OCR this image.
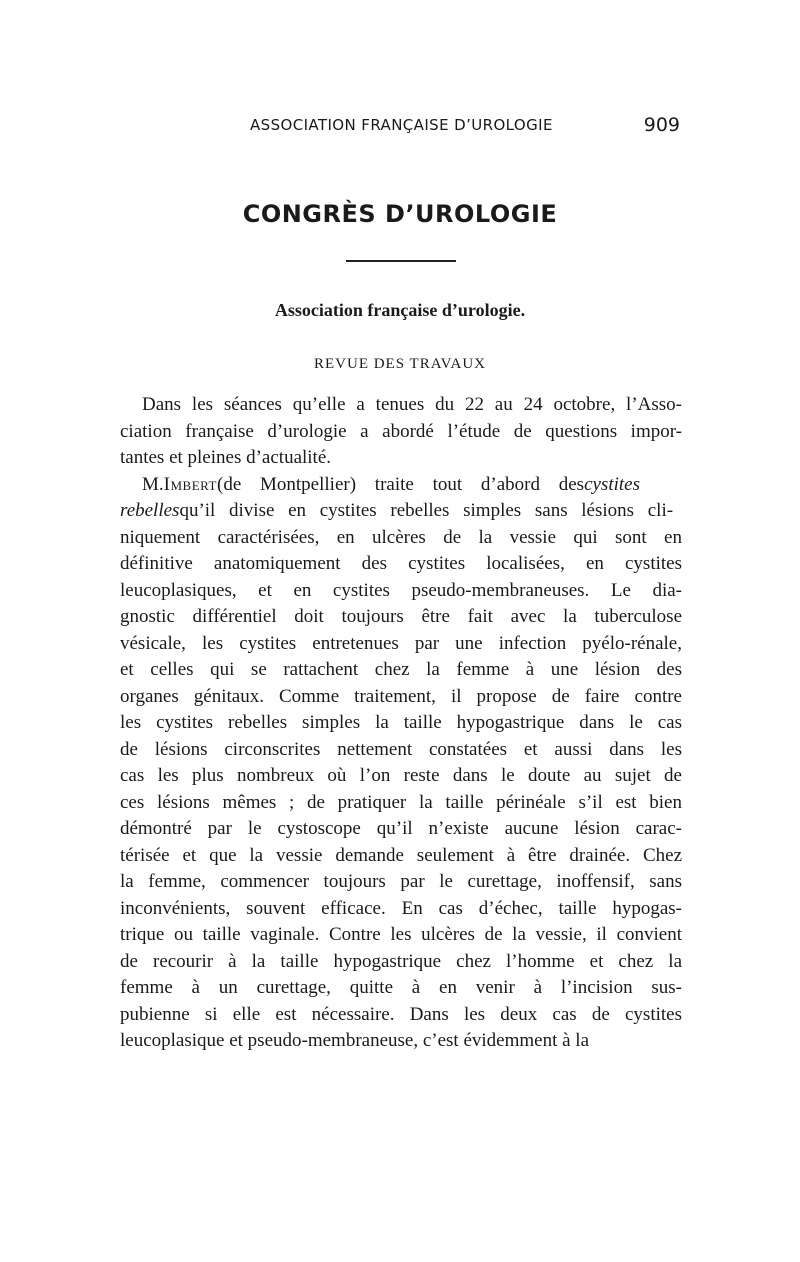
ASSOCIATION FRANÇAISE D’UROLOGIE	909
CONGRÈS D’UROLOGIE
Association française d’urologie.
REVUE DES TRAVAUX
Dans les séances qu’elle a tenues du 22 au 24 octobre, l’Asso-
ciation française d’urologie a abordé l’étude de questions impor-
tantes et pleines d’actualité.
M.Imbert(de Montpellier) traite tout d’abord descystites
rebellesqu’il divise en cystites rebelles simples sans lésions cli-
niquement caractérisées, en ulcères de la vessie qui sont en
définitive anatomiquement des cystites localisées, en cystites
leucoplasiques, et en cystites pseudo-membraneuses. Le dia-
gnostic différentiel doit toujours être fait avec la tuberculose
vésicale, les cystites entretenues par une infection pyélo-rénale,
et celles qui se rattachent chez la femme à une lésion des
organes génitaux. Comme traitement, il propose de faire contre
les cystites rebelles simples la taille hypogastrique dans le cas
de lésions circonscrites nettement constatées et aussi dans les
cas les plus nombreux où l’on reste dans le doute au sujet de
ces lésions mêmes ; de pratiquer la taille périnéale s’il est bien
démontré par le cystoscope qu’il n’existe aucune lésion carac-
térisée et que la vessie demande seulement à être drainée. Chez
la femme, commencer toujours par le curettage, inoffensif, sans
inconvénients, souvent efficace. En cas d’échec, taille hypogas-
trique ou taille vaginale. Contre les ulcères de la vessie, il convient
de recourir à la taille hypogastrique chez l’homme et chez la
femme à un curettage, quitte à en venir à l’incision sus-
pubienne si elle est nécessaire. Dans les deux cas de cystites
leucoplasique et pseudo-membraneuse, c’est évidemment à la
